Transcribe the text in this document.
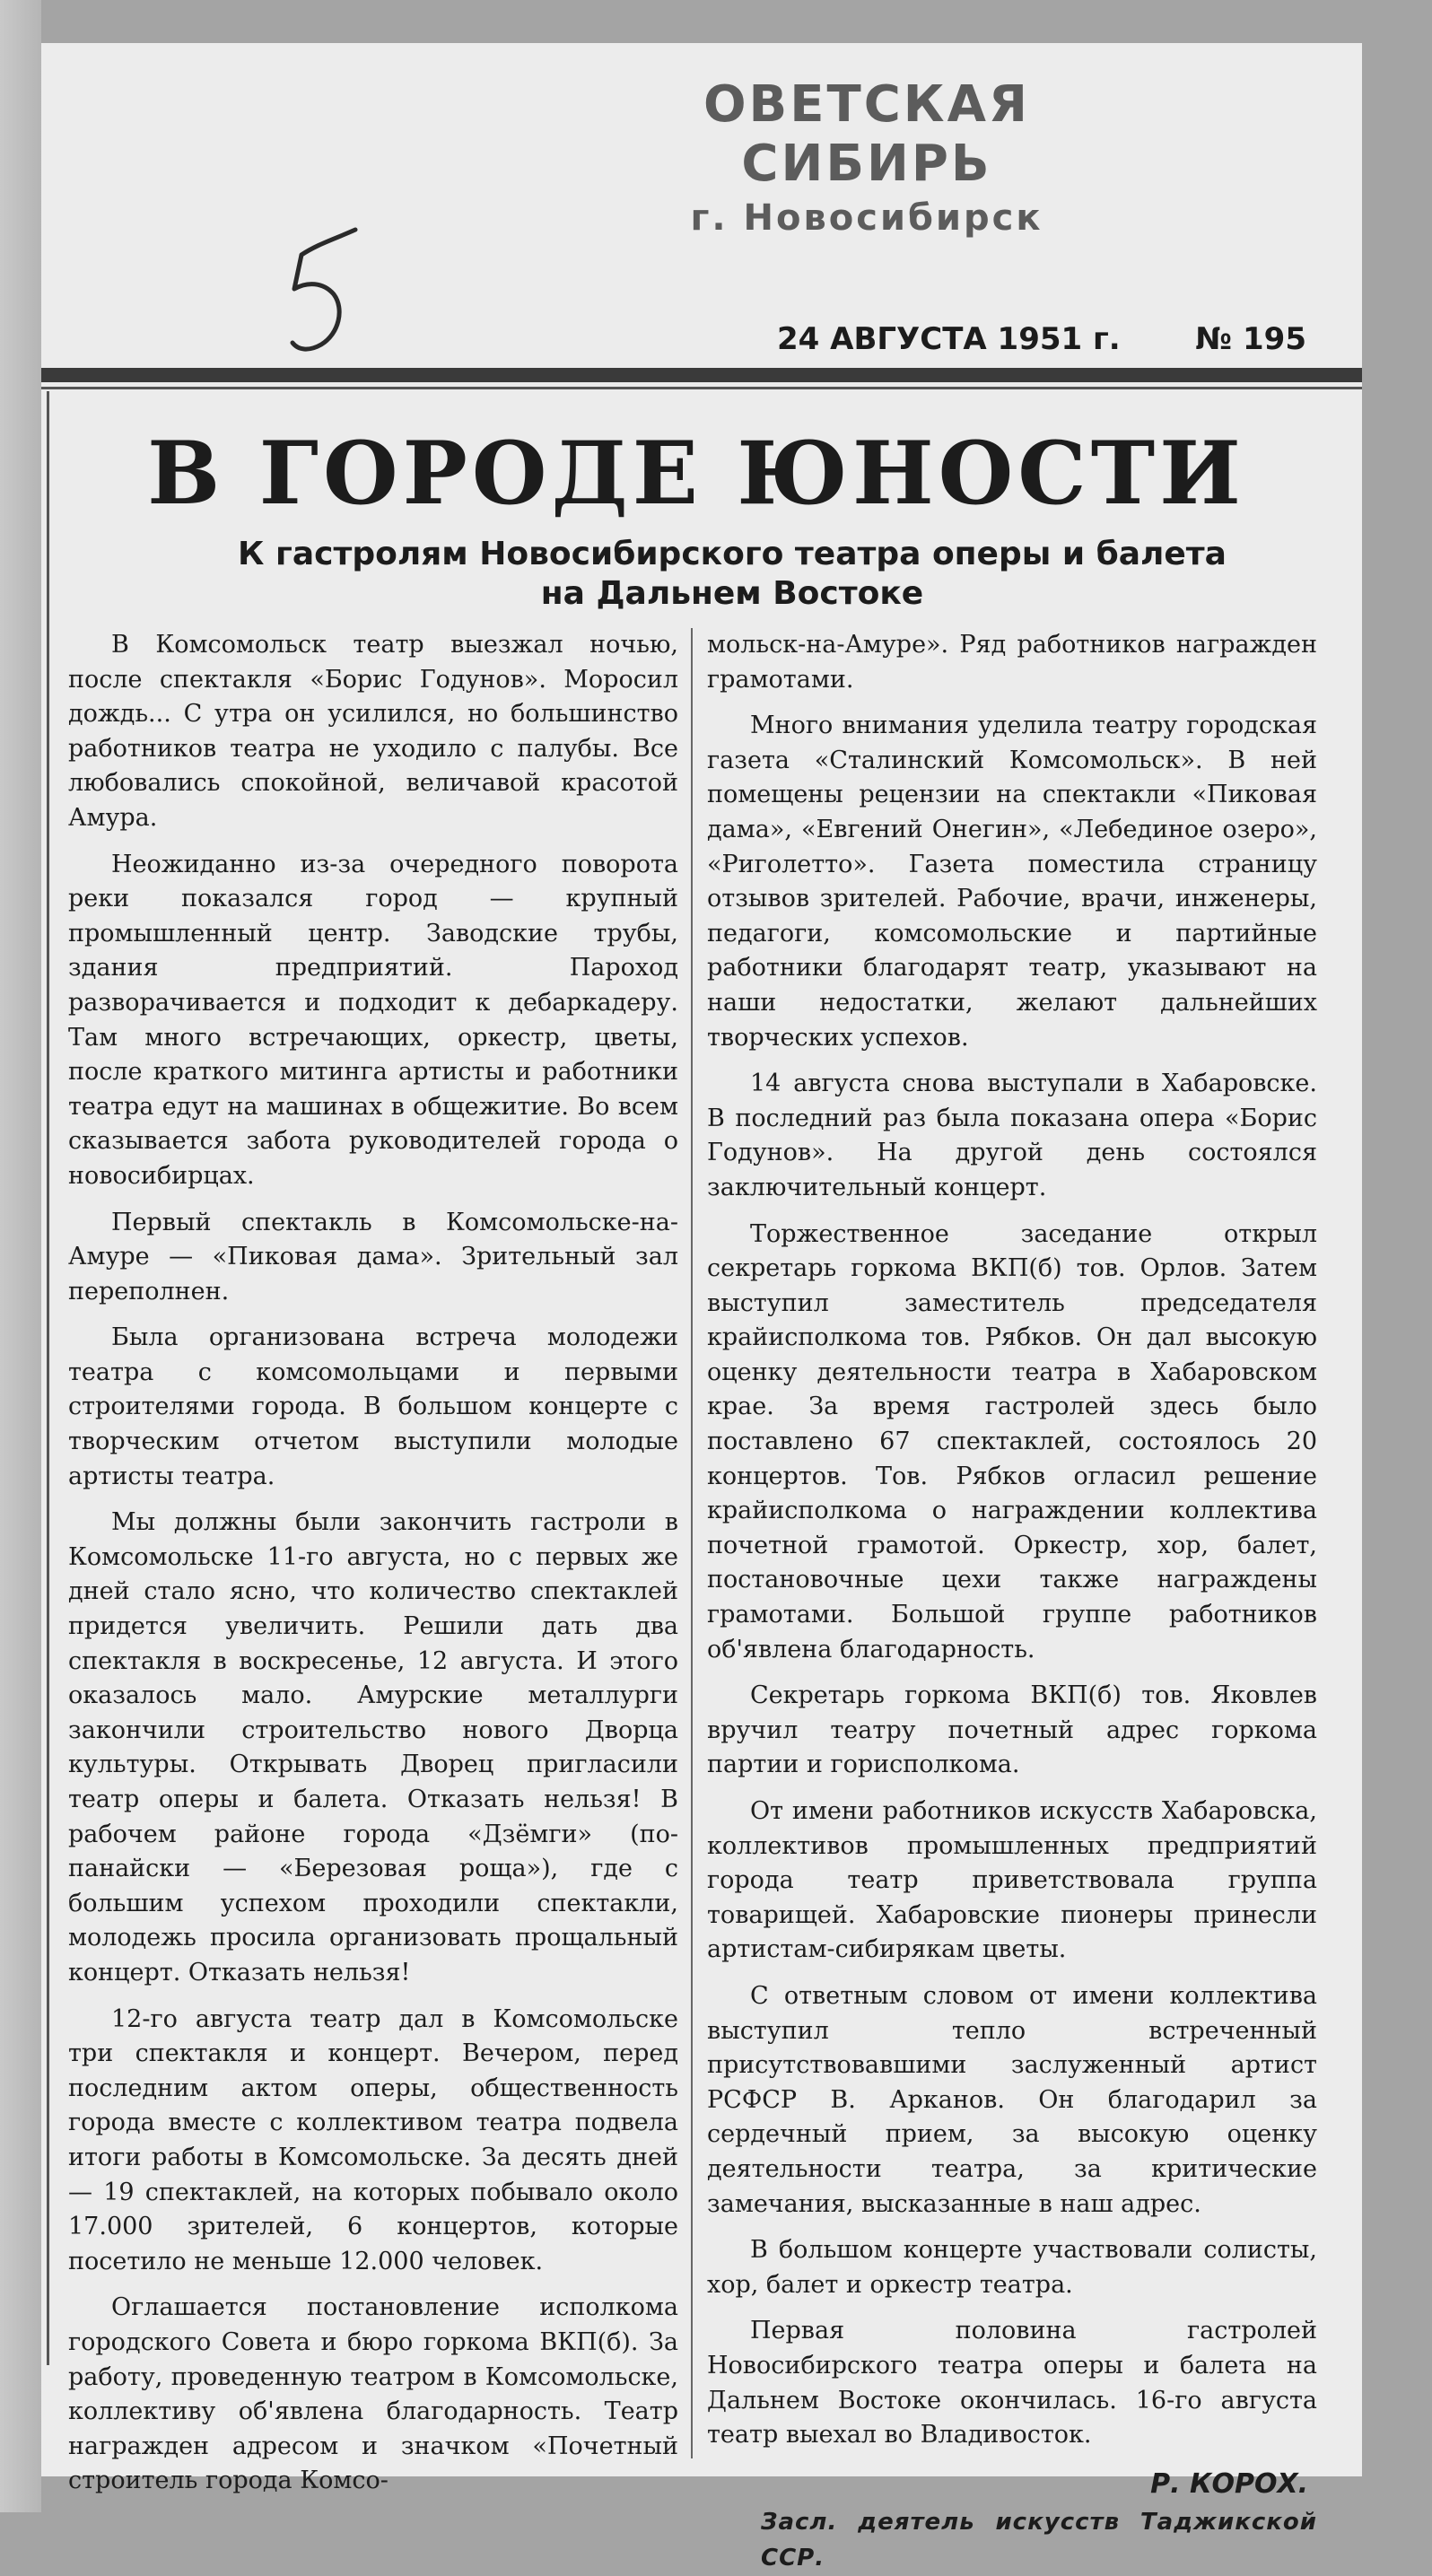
ОВЕТСКАЯ СИБИРЬ
г. Новосибирск
24 АВГУСТА 1951 г. № 195
В ГОРОДЕ ЮНОСТИ
К гастролям Новосибирского театра оперы и балета
на Дальнем Востоке

В Комсомольск театр выезжал ночью, после спектакля «Борис Годунов». Моросил дождь... С утра он усилился, но большинство работников театра не уходило с палубы. Все любовались спокойной, величавой красотой Амура.

Неожиданно из-за очередного поворота реки показался город — крупный промышленный центр. Заводские трубы, здания предприятий. Пароход разворачивается и подходит к дебаркадеру. Там много встречающих, оркестр, цветы, после краткого митинга артисты и работники театра едут на машинах в общежитие. Во всем сказывается забота руководителей города о новосибирцах.

Первый спектакль в Комсомольске-на-Амуре — «Пиковая дама». Зрительный зал переполнен.

Была организована встреча молодежи театра с комсомольцами и первыми строителями города. В большом концерте с творческим отчетом выступили молодые артисты театра.

Мы должны были закончить гастроли в Комсомольске 11-го августа, но с первых же дней стало ясно, что количество спектаклей придется увеличить. Решили дать два спектакля в воскресенье, 12 августа. И этого оказалось мало. Амурские металлурги закончили строительство нового Дворца культуры. Открывать Дворец пригласили театр оперы и балета. Отказать нельзя! В рабочем районе города «Дзёмги» (по-панайски — «Березовая роща»), где с большим успехом проходили спектакли, молодежь просила организовать прощальный концерт. Отказать нельзя!

12-го августа театр дал в Комсомольске три спектакля и концерт. Вечером, перед последним актом оперы, общественность города вместе с коллективом театра подвела итоги работы в Комсомольске. За десять дней — 19 спектаклей, на которых побывало около 17.000 зрителей, 6 концертов, которые посетило не меньше 12.000 человек.

Оглашается постановление исполкома городского Совета и бюро горкома ВКП(б). За работу, проведенную театром в Комсомольске, коллективу об'явлена благодарность. Театр награжден адресом и значком «Почетный строитель города Комсо-

мольск-на-Амуре». Ряд работников награжден грамотами.

Много внимания уделила театру городская газета «Сталинский Комсомольск». В ней помещены рецензии на спектакли «Пиковая дама», «Евгений Онегин», «Лебединое озеро», «Риголетто». Газета поместила страницу отзывов зрителей. Рабочие, врачи, инженеры, педагоги, комсомольские и партийные работники благодарят театр, указывают на наши недостатки, желают дальнейших творческих успехов.

14 августа снова выступали в Хабаровске. В последний раз была показана опера «Борис Годунов». На другой день состоялся заключительный концерт.

Торжественное заседание открыл секретарь горкома ВКП(б) тов. Орлов. Затем выступил заместитель председателя крайисполкома тов. Рябков. Он дал высокую оценку деятельности театра в Хабаровском крае. За время гастролей здесь было поставлено 67 спектаклей, состоялось 20 концертов. Тов. Рябков огласил решение крайисполкома о награждении коллектива почетной грамотой. Оркестр, хор, балет, постановочные цехи также награждены грамотами. Большой группе работников об'явлена благодарность.

Секретарь горкома ВКП(б) тов. Яковлев вручил театру почетный адрес горкома партии и горисполкома.

От имени работников искусств Хабаровска, коллективов промышленных предприятий города театр приветствовала группа товарищей. Хабаровские пионеры принесли артистам-сибирякам цветы.

С ответным словом от имени коллектива выступил тепло встреченный присутствовавшими заслуженный артист РСФСР В. Арканов. Он благодарил за сердечный прием, за высокую оценку деятельности театра, за критические замечания, высказанные в наш адрес.

В большом концерте участвовали солисты, хор, балет и оркестр театра.

Первая половина гастролей Новосибирского театра оперы и балета на Дальнем Востоке окончилась. 16-го августа театр выехал во Владивосток.

Р. КОРОХ.
Засл. деятель искусств Таджикской ССР.
